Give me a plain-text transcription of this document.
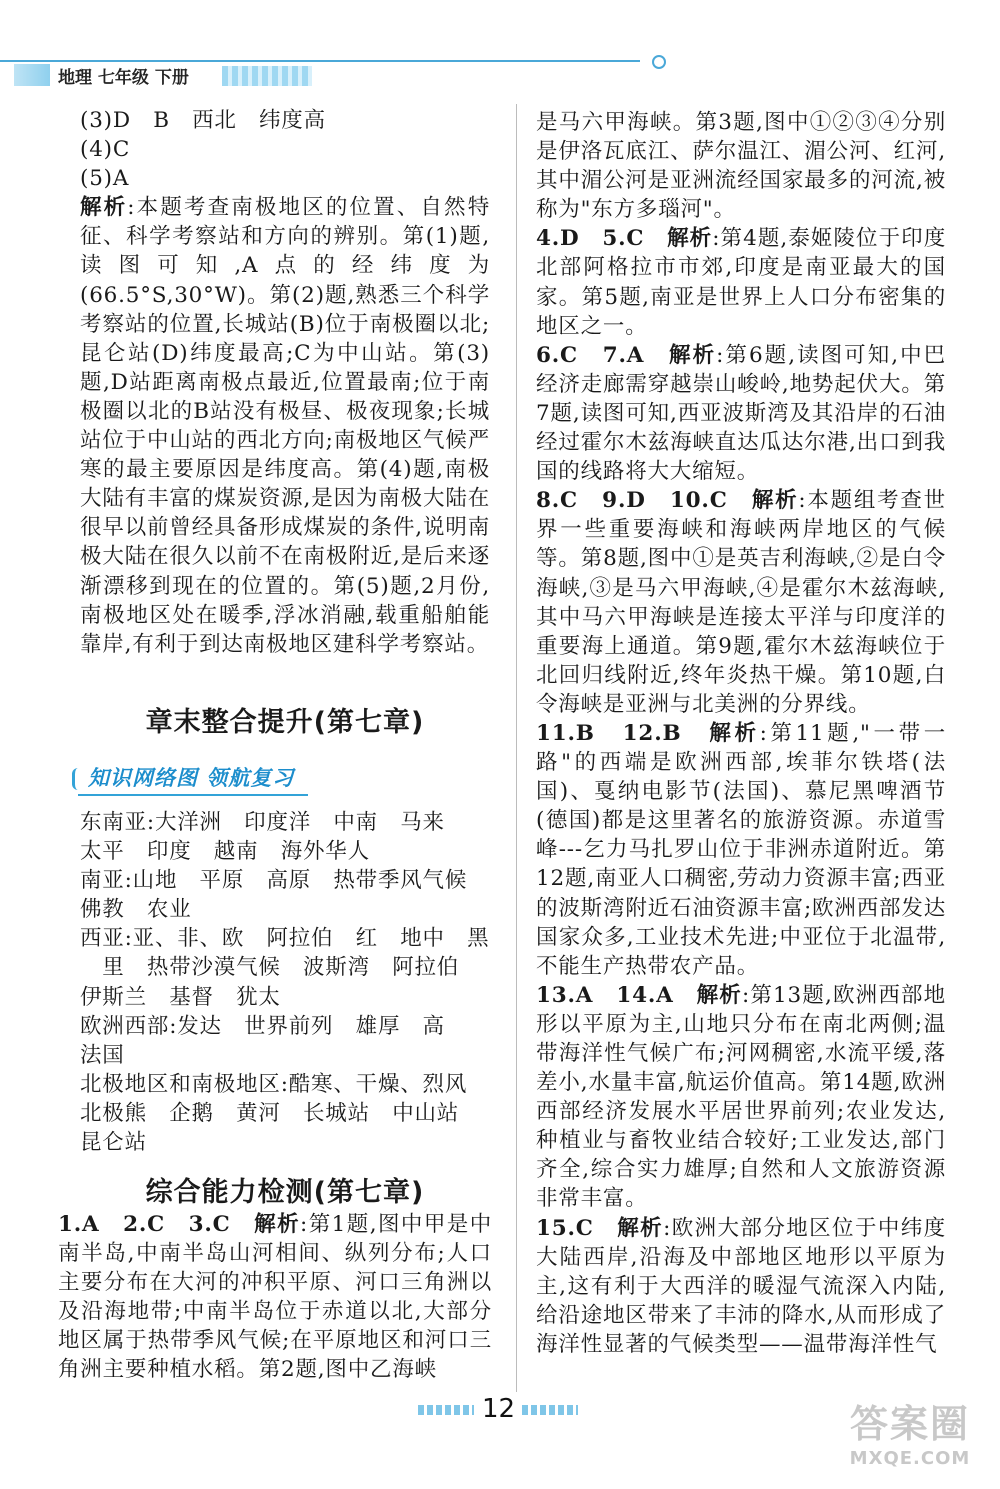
地理 七年级 下册

(3)D　B　西北　纬度高

(4)C

(5)A

解析:本题考查南极地区的位置、自然特征、科学考察站和方向的辨别。第(1)题,读图可知,A点的经纬度为(66.5°S,30°W)。第(2)题,熟悉三个科学考察站的位置,长城站(B)位于南极圈以北;昆仑站(D)纬度最高;C为中山站。第(3)题,D站距离南极点最近,位置最南;位于南极圈以北的B站没有极昼、极夜现象;长城站位于中山站的西北方向;南极地区气候严寒的最主要原因是纬度高。第(4)题,南极大陆有丰富的煤炭资源,是因为南极大陆在很早以前曾经具备形成煤炭的条件,说明南极大陆在很久以前不在南极附近,是后来逐渐漂移到现在的位置的。第(5)题,2月份,南极地区处在暖季,浮冰消融,载重船舶能靠岸,有利于到达南极地区建科学考察站。

章末整合提升(第七章)
知识网络图 领航复习

东南亚:大洋洲　印度洋　中南　马来

太平　印度　越南　海外华人

南亚:山地　平原　高原　热带季风气候

佛教　农业

西亚:亚、非、欧　阿拉伯　红　地中　黑

　里　热带沙漠气候　波斯湾　阿拉伯

伊斯兰　基督　犹太

欧洲西部:发达　世界前列　雄厚　高

法国

北极地区和南极地区:酷寒、干燥、烈风

北极熊　企鹅　黄河　长城站　中山站

昆仑站

综合能力检测(第七章)

1.A　2.C　3.C　解析:第1题,图中甲是中南半岛,中南半岛山河相间、纵列分布;人口主要分布在大河的冲积平原、河口三角洲以及沿海地带;中南半岛位于赤道以北,大部分地区属于热带季风气候;在平原地区和河口三角洲主要种植水稻。第2题,图中乙海峡

是马六甲海峡。第3题,图中①②③④分别是伊洛瓦底江、萨尔温江、湄公河、红河,其中湄公河是亚洲流经国家最多的河流,被称为"东方多瑙河"。

4.D　5.C　解析:第4题,泰姬陵位于印度北部阿格拉市市郊,印度是南亚最大的国家。第5题,南亚是世界上人口分布密集的地区之一。

6.C　7.A　解析:第6题,读图可知,中巴经济走廊需穿越崇山峻岭,地势起伏大。第7题,读图可知,西亚波斯湾及其沿岸的石油经过霍尔木兹海峡直达瓜达尔港,出口到我国的线路将大大缩短。

8.C　9.D　10.C　解析:本题组考查世界一些重要海峡和海峡两岸地区的气候等。第8题,图中①是英吉利海峡,②是白令海峡,③是马六甲海峡,④是霍尔木兹海峡,其中马六甲海峡是连接太平洋与印度洋的重要海上通道。第9题,霍尔木兹海峡位于北回归线附近,终年炎热干燥。第10题,白令海峡是亚洲与北美洲的分界线。

11.B　12.B　解析:第11题,"一带一路"的西端是欧洲西部,埃菲尔铁塔(法国)、戛纳电影节(法国)、慕尼黑啤酒节(德国)都是这里著名的旅游资源。赤道雪峰---乞力马扎罗山位于非洲赤道附近。第12题,南亚人口稠密,劳动力资源丰富;西亚的波斯湾附近石油资源丰富;欧洲西部发达国家众多,工业技术先进;中亚位于北温带,不能生产热带农产品。

13.A　14.A　解析:第13题,欧洲西部地形以平原为主,山地只分布在南北两侧;温带海洋性气候广布;河网稠密,水流平缓,落差小,水量丰富,航运价值高。第14题,欧洲西部经济发展水平居世界前列;农业发达,种植业与畜牧业结合较好;工业发达,部门齐全,综合实力雄厚;自然和人文旅游资源非常丰富。

15.C　解析:欧洲大部分地区位于中纬度大陆西岸,沿海及中部地区地形以平原为主,这有利于大西洋的暖湿气流深入内陆,给沿途地区带来了丰沛的降水,从而形成了海洋性显著的气候类型——温带海洋性气

12	答案圈
MXQE.COM
